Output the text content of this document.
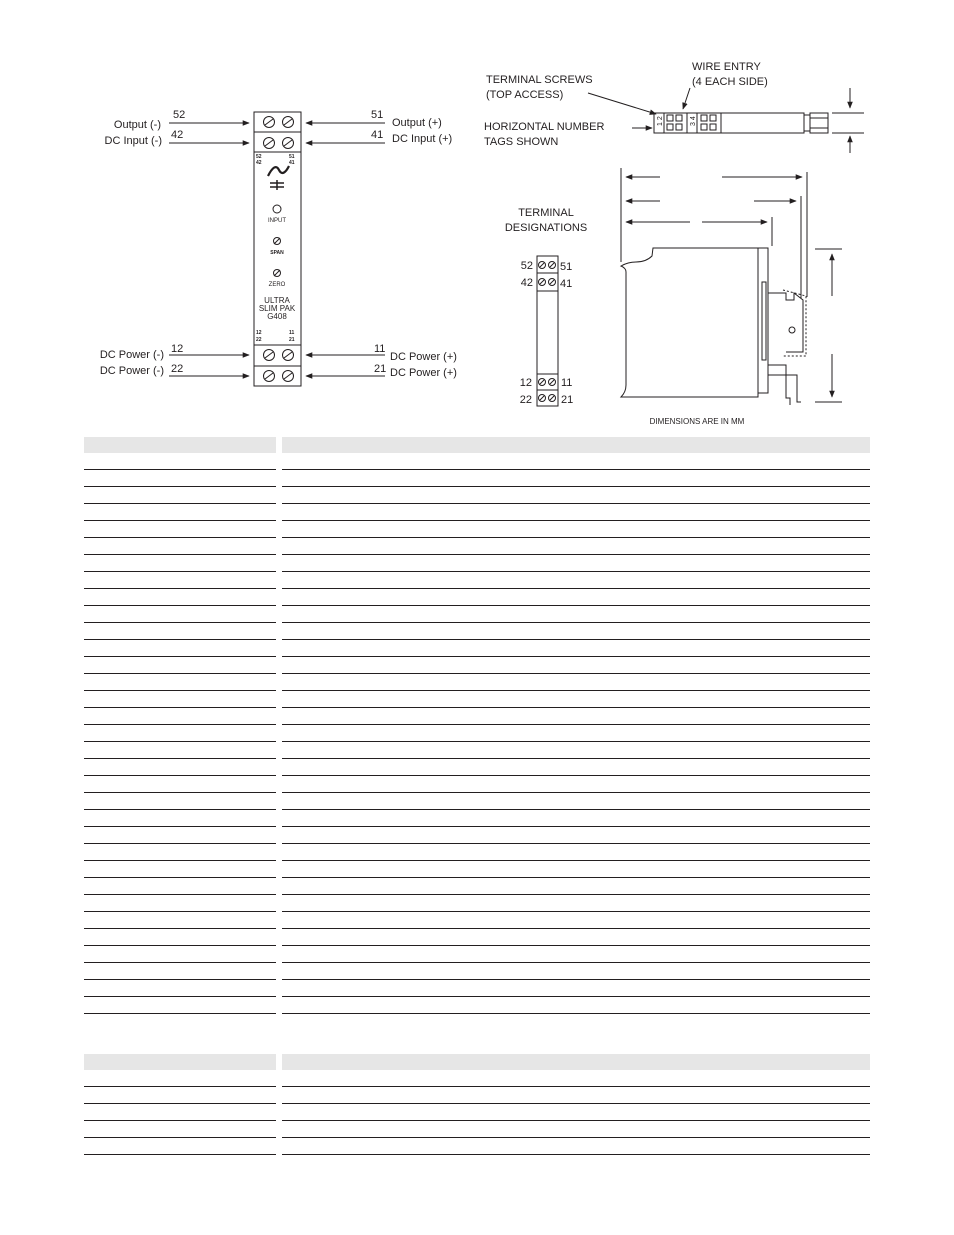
52	51
42	41
INPUT
SPAN
ZERO
ULTRA
SLIM PAK
G408
12	11
22	21
Output (-)
52
DC Input (-) 42
Output (+)
51
DC Input (+)
41
DC Power (-) 12
DC Power (-) 22
DC Power (+)
11
DC Power (+)
21
1 2	3 4
TERMINAL SCREWS
(TOP ACCESS)
WIRE ENTRY
(4 EACH SIDE)
HORIZONTAL NUMBER
TAGS SHOWN
TERMINAL
DESIGNATIONS
52
42
51
41
12
22
11
21
DIMENSIONS ARE IN MM
